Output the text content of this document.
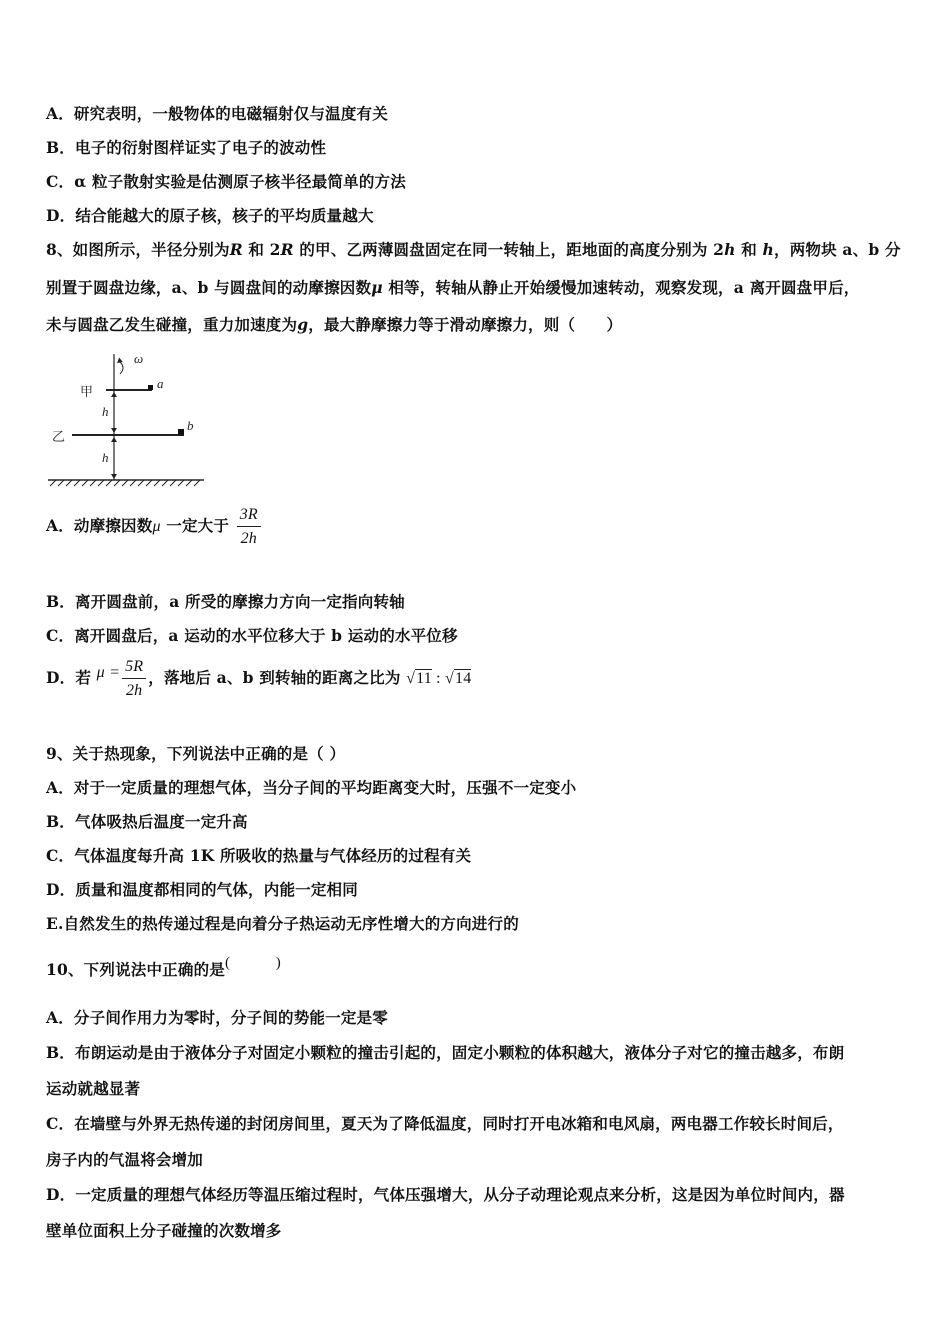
A．研究表明，一般物体的电磁辐射仅与温度有关
B．电子的衍射图样证实了电子的波动性
C．α 粒子散射实验是估测原子核半径最简单的方法
D．结合能越大的原子核，核子的平均质量越大
8、如图所示，半径分别为R 和 2R 的甲、乙两薄圆盘固定在同一转轴上，距地面的高度分别为 2h 和 h，两物块 a、b 分
别置于圆盘边缘，a、b 与圆盘间的动摩擦因数μ 相等，转轴从静止开始缓慢加速转动，观察发现，a 离开圆盘甲后，
未与圆盘乙发生碰撞，重力加速度为g，最大静摩擦力等于滑动摩擦力，则（　　）
ω
a
甲
b
乙
h
h
A．动摩擦因数μ 一定大于 $\frac{3R}{2h}$
B．离开圆盘前，a 所受的摩擦力方向一定指向转轴
C．离开圆盘后，a 运动的水平位移大于 b 运动的水平位移
D．若 $\mu = \frac{5R}{2h}$ ，落地后 a、b 到转轴的距离之比为 √11 : √14
9、关于热现象，下列说法中正确的是（ ）
A．对于一定质量的理想气体，当分子间的平均距离变大时，压强不一定变小
B．气体吸热后温度一定升高
C．气体温度每升高 1K 所吸收的热量与气体经历的过程有关
D．质量和温度都相同的气体，内能一定相同
E.自然发生的热传递过程是向着分子热运动无序性增大的方向进行的
10、下列说法中正确的是(　　　)
A．分子间作用力为零时，分子间的势能一定是零
B．布朗运动是由于液体分子对固定小颗粒的撞击引起的，固定小颗粒的体积越大，液体分子对它的撞击越多，布朗
运动就越显著
C．在墙壁与外界无热传递的封闭房间里，夏天为了降低温度，同时打开电冰箱和电风扇，两电器工作较长时间后，
房子内的气温将会增加
D．一定质量的理想气体经历等温压缩过程时，气体压强增大，从分子动理论观点来分析，这是因为单位时间内，器
壁单位面积上分子碰撞的次数增多
